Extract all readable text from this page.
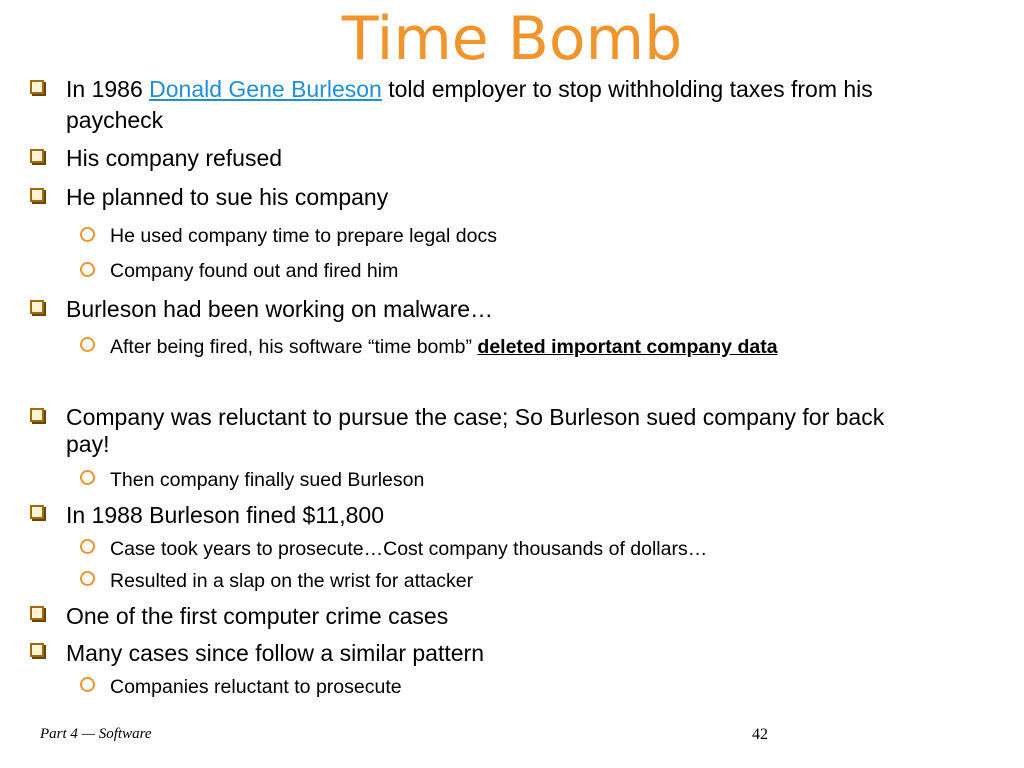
Time Bomb
In 1986 Donald Gene Burleson told employer to stop withholding taxes from his
paycheck
His company refused
He planned to sue his company
He used company time to prepare legal docs
Company found out and fired him
Burleson had been working on malware…
After being fired, his software “time bomb” deleted important company data
Company was reluctant to pursue the case; So Burleson sued company for back
pay!
Then company finally sued Burleson
In 1988 Burleson fined $11,800
Case took years to prosecute…Cost company thousands of dollars…
Resulted in a slap on the wrist for attacker
One of the first computer crime cases
Many cases since follow a similar pattern
Companies reluctant to prosecute
Part 4 — Software	42
